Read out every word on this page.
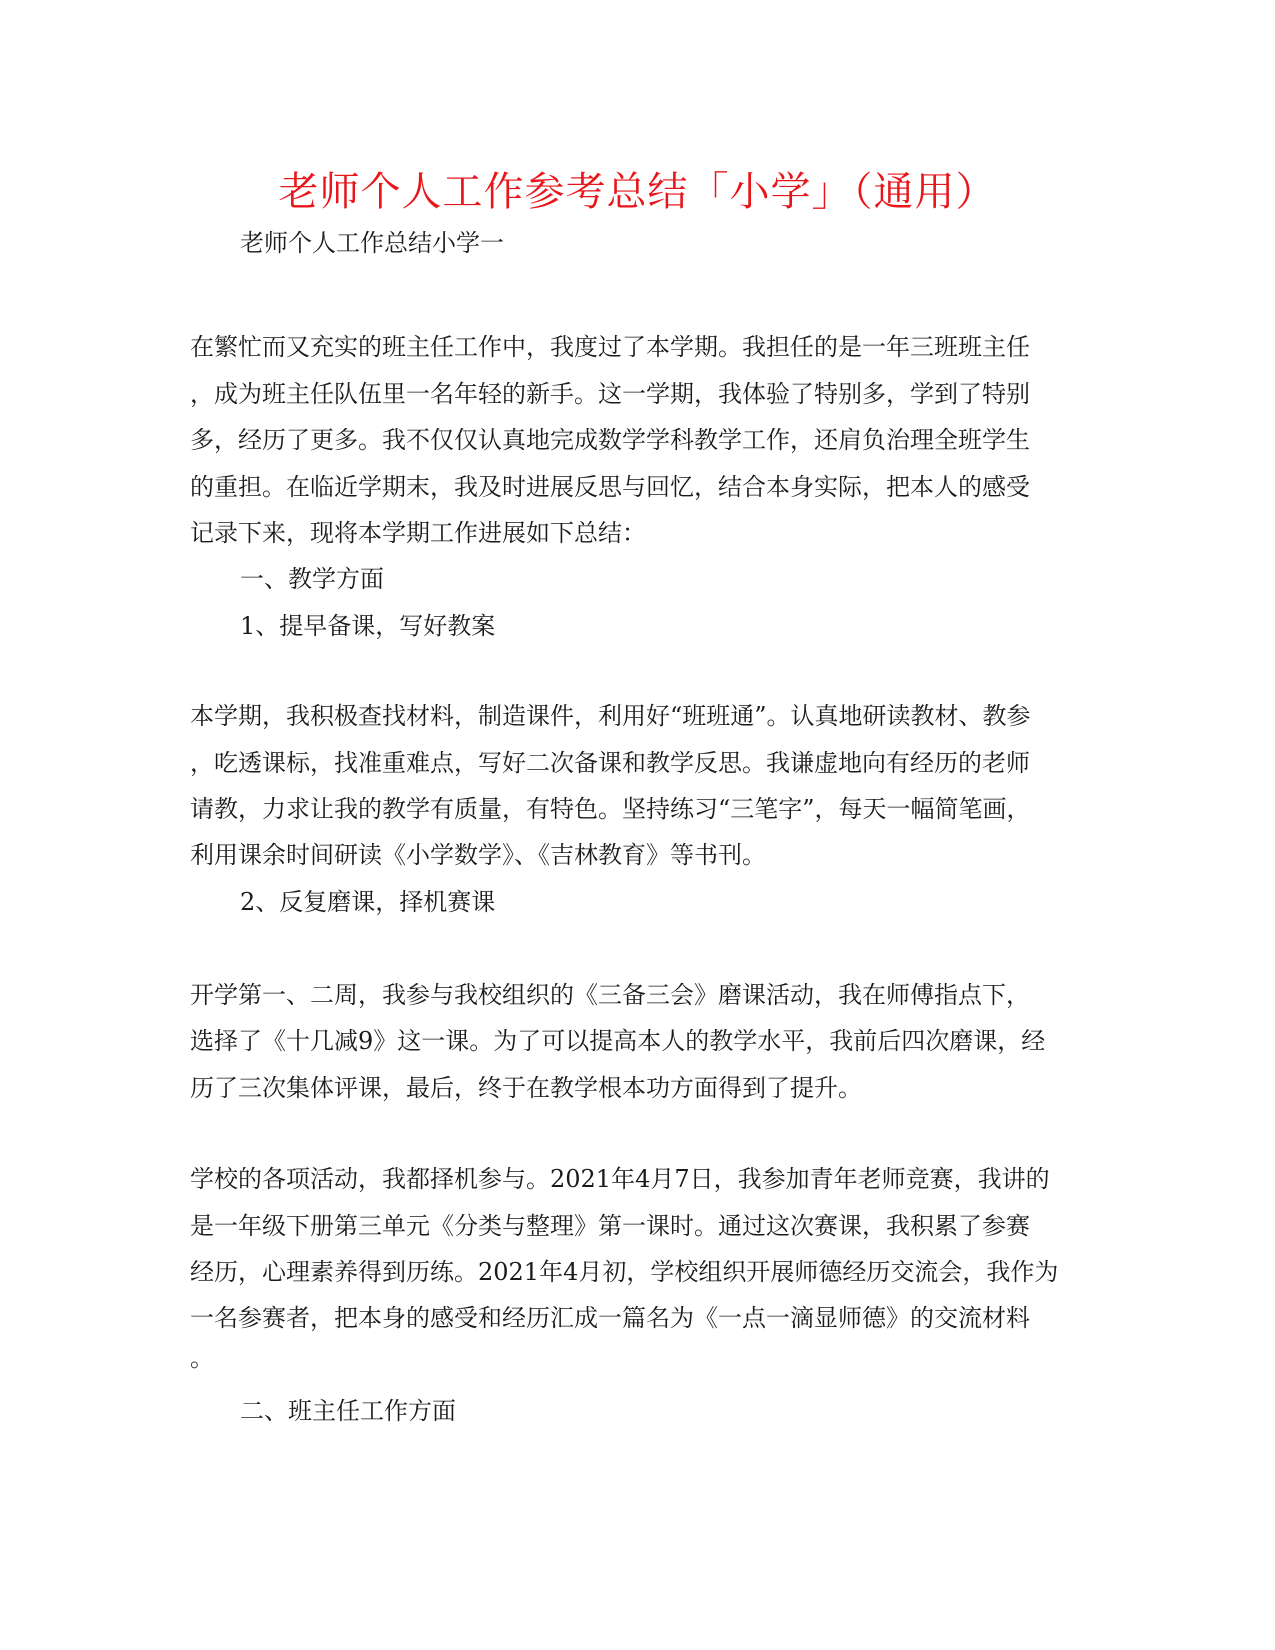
老师个人工作参考总结「小学」（通用）
老师个人工作总结小学一
在繁忙而又充实的班主任工作中，我度过了本学期。我担任的是一年三班班主任
，成为班主任队伍里一名年轻的新手。这一学期，我体验了特别多，学到了特别
多，经历了更多。我不仅仅认真地完成数学学科教学工作，还肩负治理全班学生
的重担。在临近学期末，我及时进展反思与回忆，结合本身实际，把本人的感受
记录下来，现将本学期工作进展如下总结：
一、教学方面
1、提早备课，写好教案
本学期，我积极查找材料，制造课件，利用好“班班通”。认真地研读教材、教参
，吃透课标，找准重难点，写好二次备课和教学反思。我谦虚地向有经历的老师
请教，力求让我的教学有质量，有特色。坚持练习“三笔字”，每天一幅简笔画，
利用课余时间研读《小学数学》、《吉林教育》等书刊。
2、反复磨课，择机赛课
开学第一、二周，我参与我校组织的《三备三会》磨课活动，我在师傅指点下，
选择了《十几减9》这一课。为了可以提高本人的教学水平，我前后四次磨课，经
历了三次集体评课，最后，终于在教学根本功方面得到了提升。
学校的各项活动，我都择机参与。2021年4月7日，我参加青年老师竞赛，我讲的
是一年级下册第三单元《分类与整理》第一课时。通过这次赛课，我积累了参赛
经历，心理素养得到历练。2021年4月初，学校组织开展师德经历交流会，我作为
一名参赛者，把本身的感受和经历汇成一篇名为《一点一滴显师德》的交流材料
。
二、班主任工作方面
